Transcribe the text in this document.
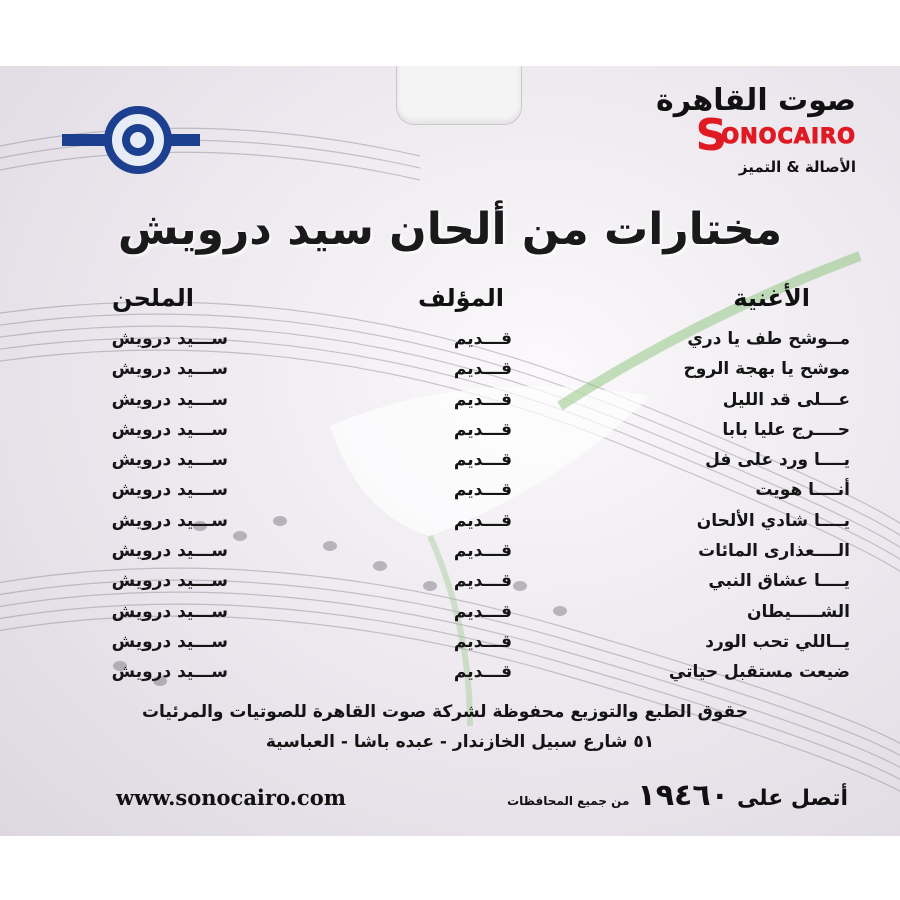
صوت القاهرة
S
ONOCAIRO
الأصالة & التميز
مختارات من ألحان سيد درويش
الأغنية
المؤلف
الملحن
مــوشح طف يا دري
قـــديم
ســـيد درويش
موشح يا بهجة الروح
قـــديم
ســـيد درويش
عـــلى قد الليل
قـــديم
ســـيد درويش
حــــرج عليا بابا
قـــديم
ســـيد درويش
يــــا ورد على فل
قـــديم
ســـيد درويش
أنــــا هويت
قـــديم
ســـيد درويش
يــــا شادي الألحان
قـــديم
ســـيد درويش
الــــعذارى المائات
قـــديم
ســـيد درويش
يــــا عشاق النبي
قـــديم
ســـيد درويش
الشـــــيطان
قـــديم
ســـيد درويش
يــاللي تحب الورد
قـــديم
ســـيد درويش
ضيعت مستقبل حياتي
قـــديم
ســـيد درويش
حقوق الطبع والتوزيع محفوظة لشركة صوت القاهرة للصوتيات والمرئيات
٥١ شارع سبيل الخازندار - عبده باشا - العباسية
www.sonocairo.com	أتصل على
١٩٤٦٠
من جميع المحافظات
